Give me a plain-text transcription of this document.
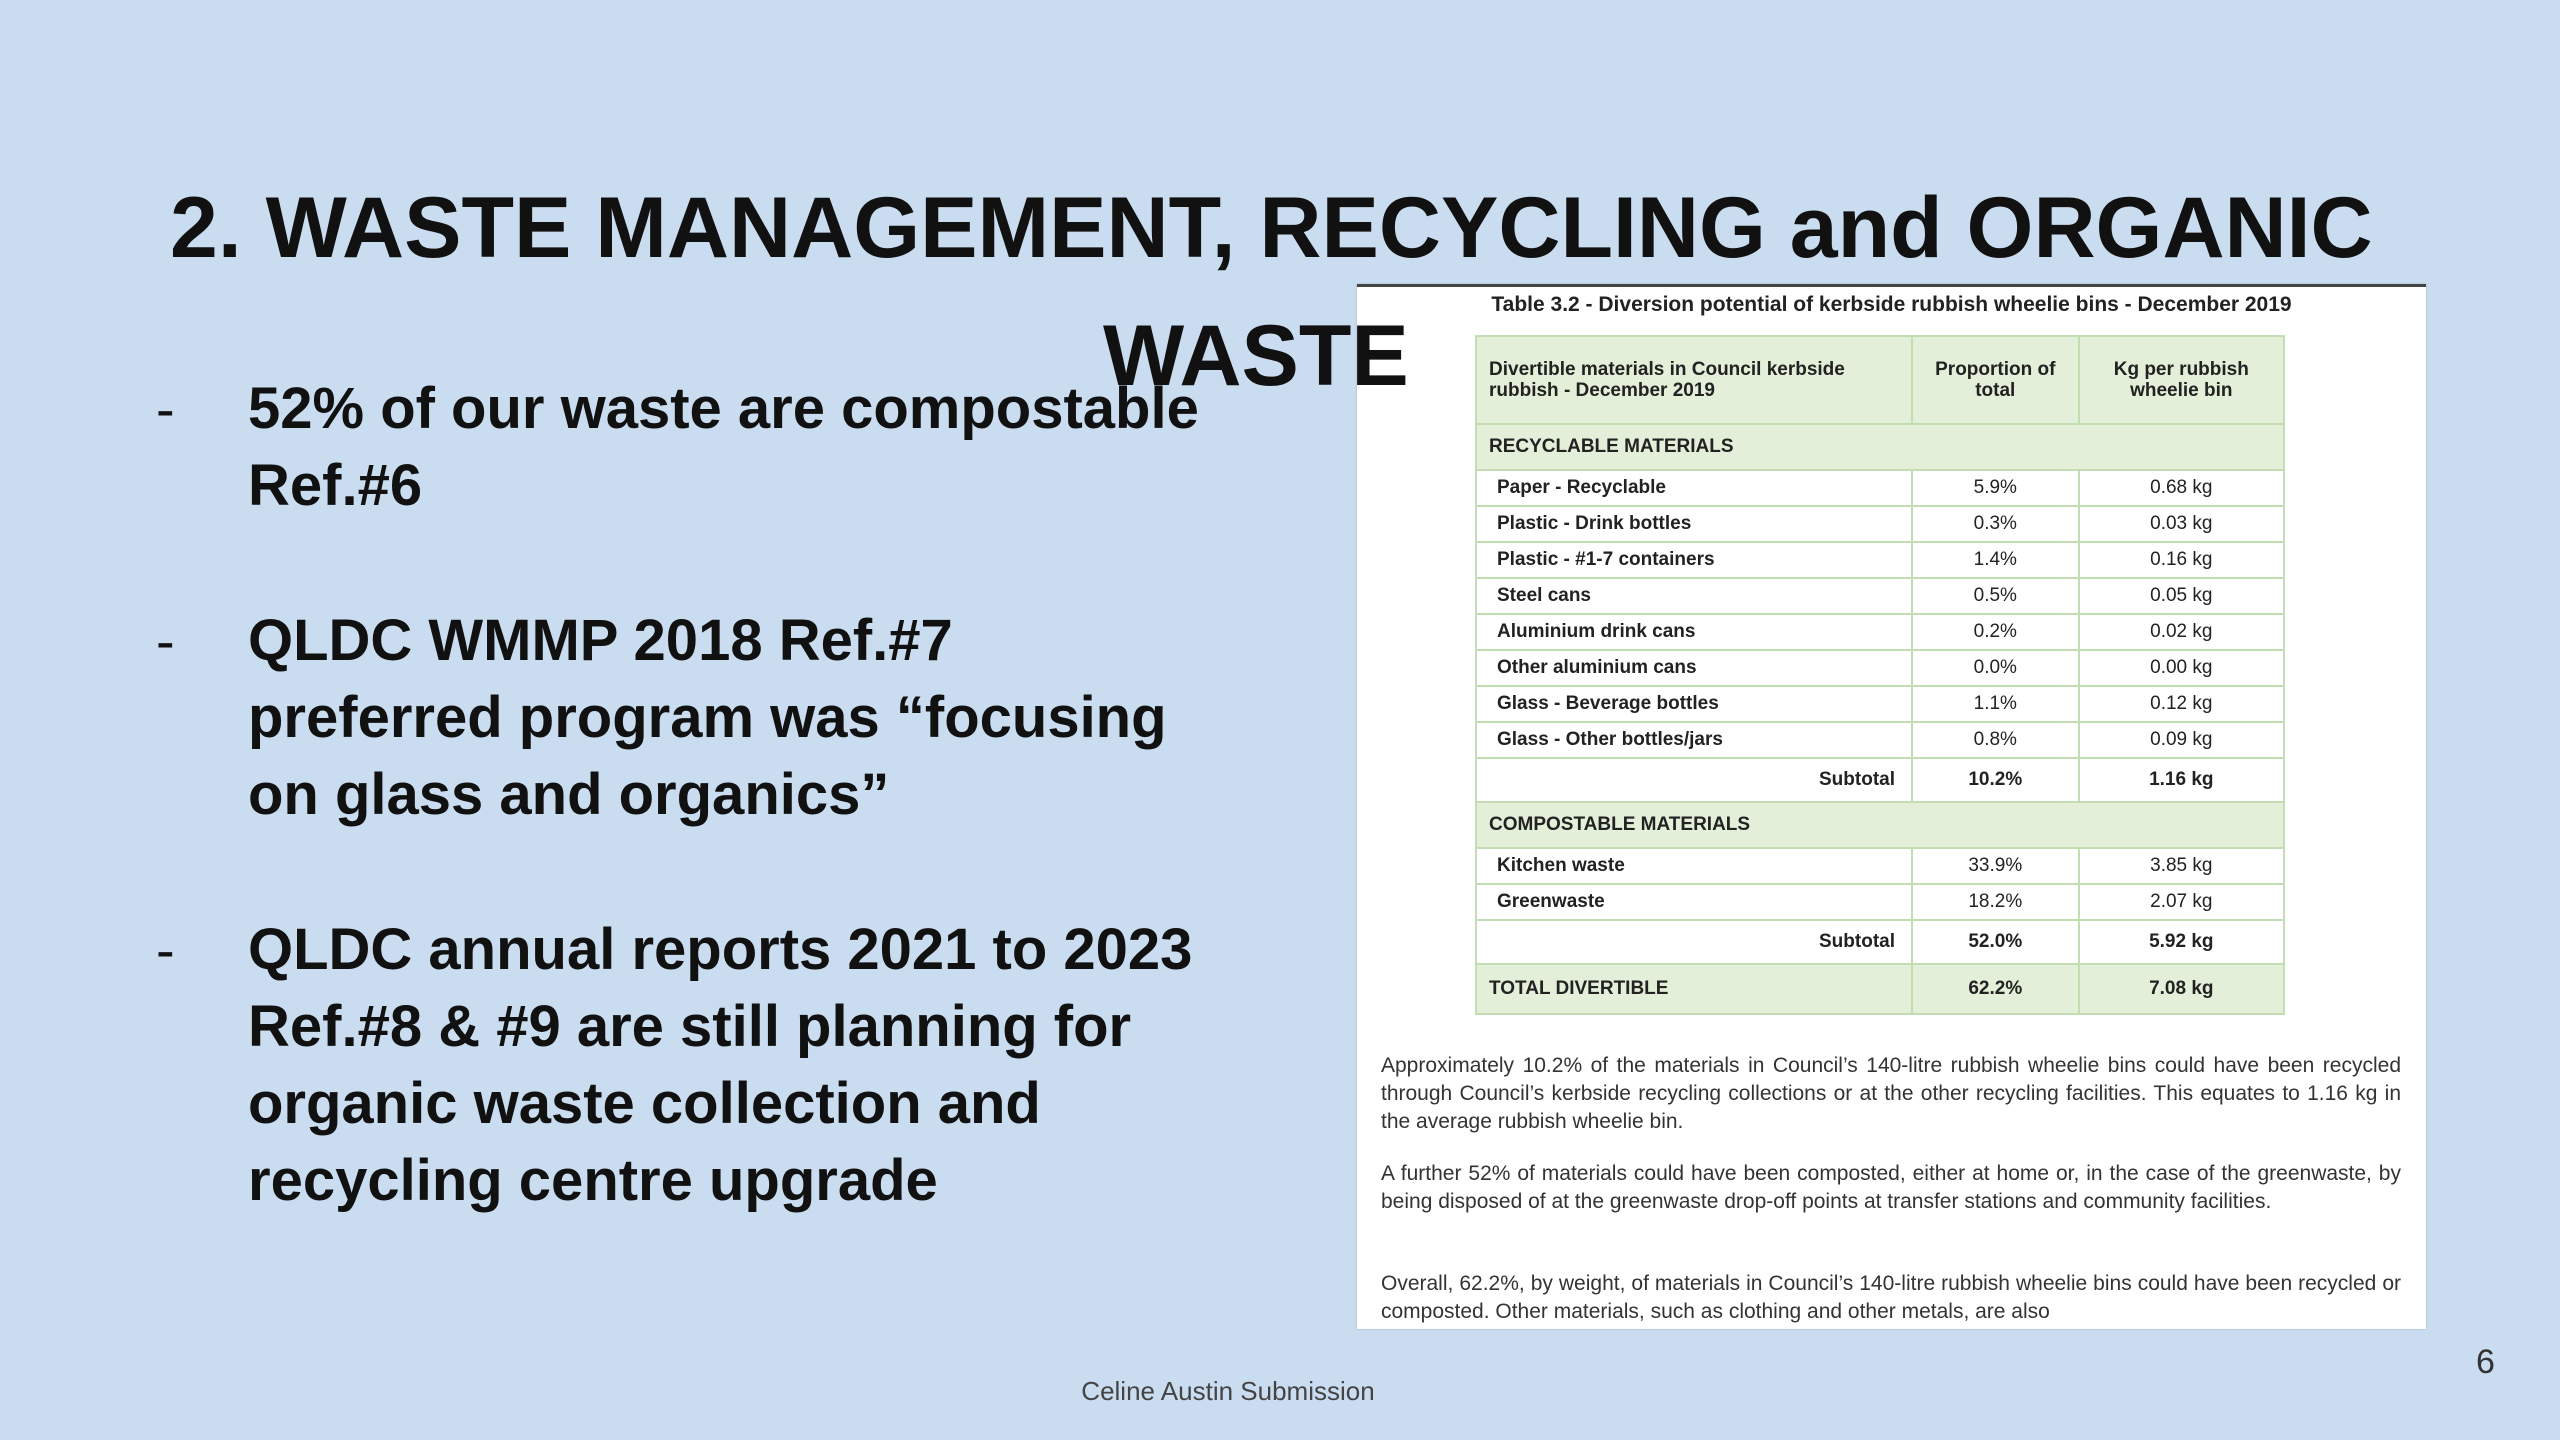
2. WASTE MANAGEMENT, RECYCLING and ORGANIC
Table 3.2 - Diversion potential of kerbside rubbish wheelie bins - December 2019
Divertible materials in Council kerbside rubbish - December 2019	Proportion of total	Kg per rubbish wheelie bin
RECYCLABLE MATERIALS		
Paper - Recyclable	5.9%	0.68 kg
Plastic - Drink bottles	0.3%	0.03 kg
Plastic - #1-7 containers	1.4%	0.16 kg
Steel cans	0.5%	0.05 kg
Aluminium drink cans	0.2%	0.02 kg
Other aluminium cans	0.0%	0.00 kg
Glass - Beverage bottles	1.1%	0.12 kg
Glass - Other bottles/jars	0.8%	0.09 kg
Subtotal	10.2%	1.16 kg
COMPOSTABLE MATERIALS		
Kitchen waste	33.9%	3.85 kg
Greenwaste	18.2%	2.07 kg
Subtotal	52.0%	5.92 kg
TOTAL DIVERTIBLE	62.2%	7.08 kg
Approximately 10.2% of the materials in Council’s 140-litre rubbish wheelie bins could have been recycled through Council’s kerbside recycling collections or at the other recycling facilities. This equates to 1.16 kg in the average rubbish wheelie bin.
A further 52% of materials could have been composted, either at home or, in the case of the greenwaste, by being disposed of at the greenwaste drop-off points at transfer stations and community facilities.
Overall, 62.2%, by weight, of materials in Council’s 140-litre rubbish wheelie bins could have been recycled or composted. Other materials, such as clothing and other metals, are also
WASTE
- 52% of our waste are compostable
Ref.#6
- QLDC WMMP 2018 Ref.#7
preferred program was “focusing
on glass and organics”
- QLDC annual reports 2021 to 2023
Ref.#8 & #9 are still planning for
organic waste collection and
recycling centre upgrade
Celine Austin Submission
6
